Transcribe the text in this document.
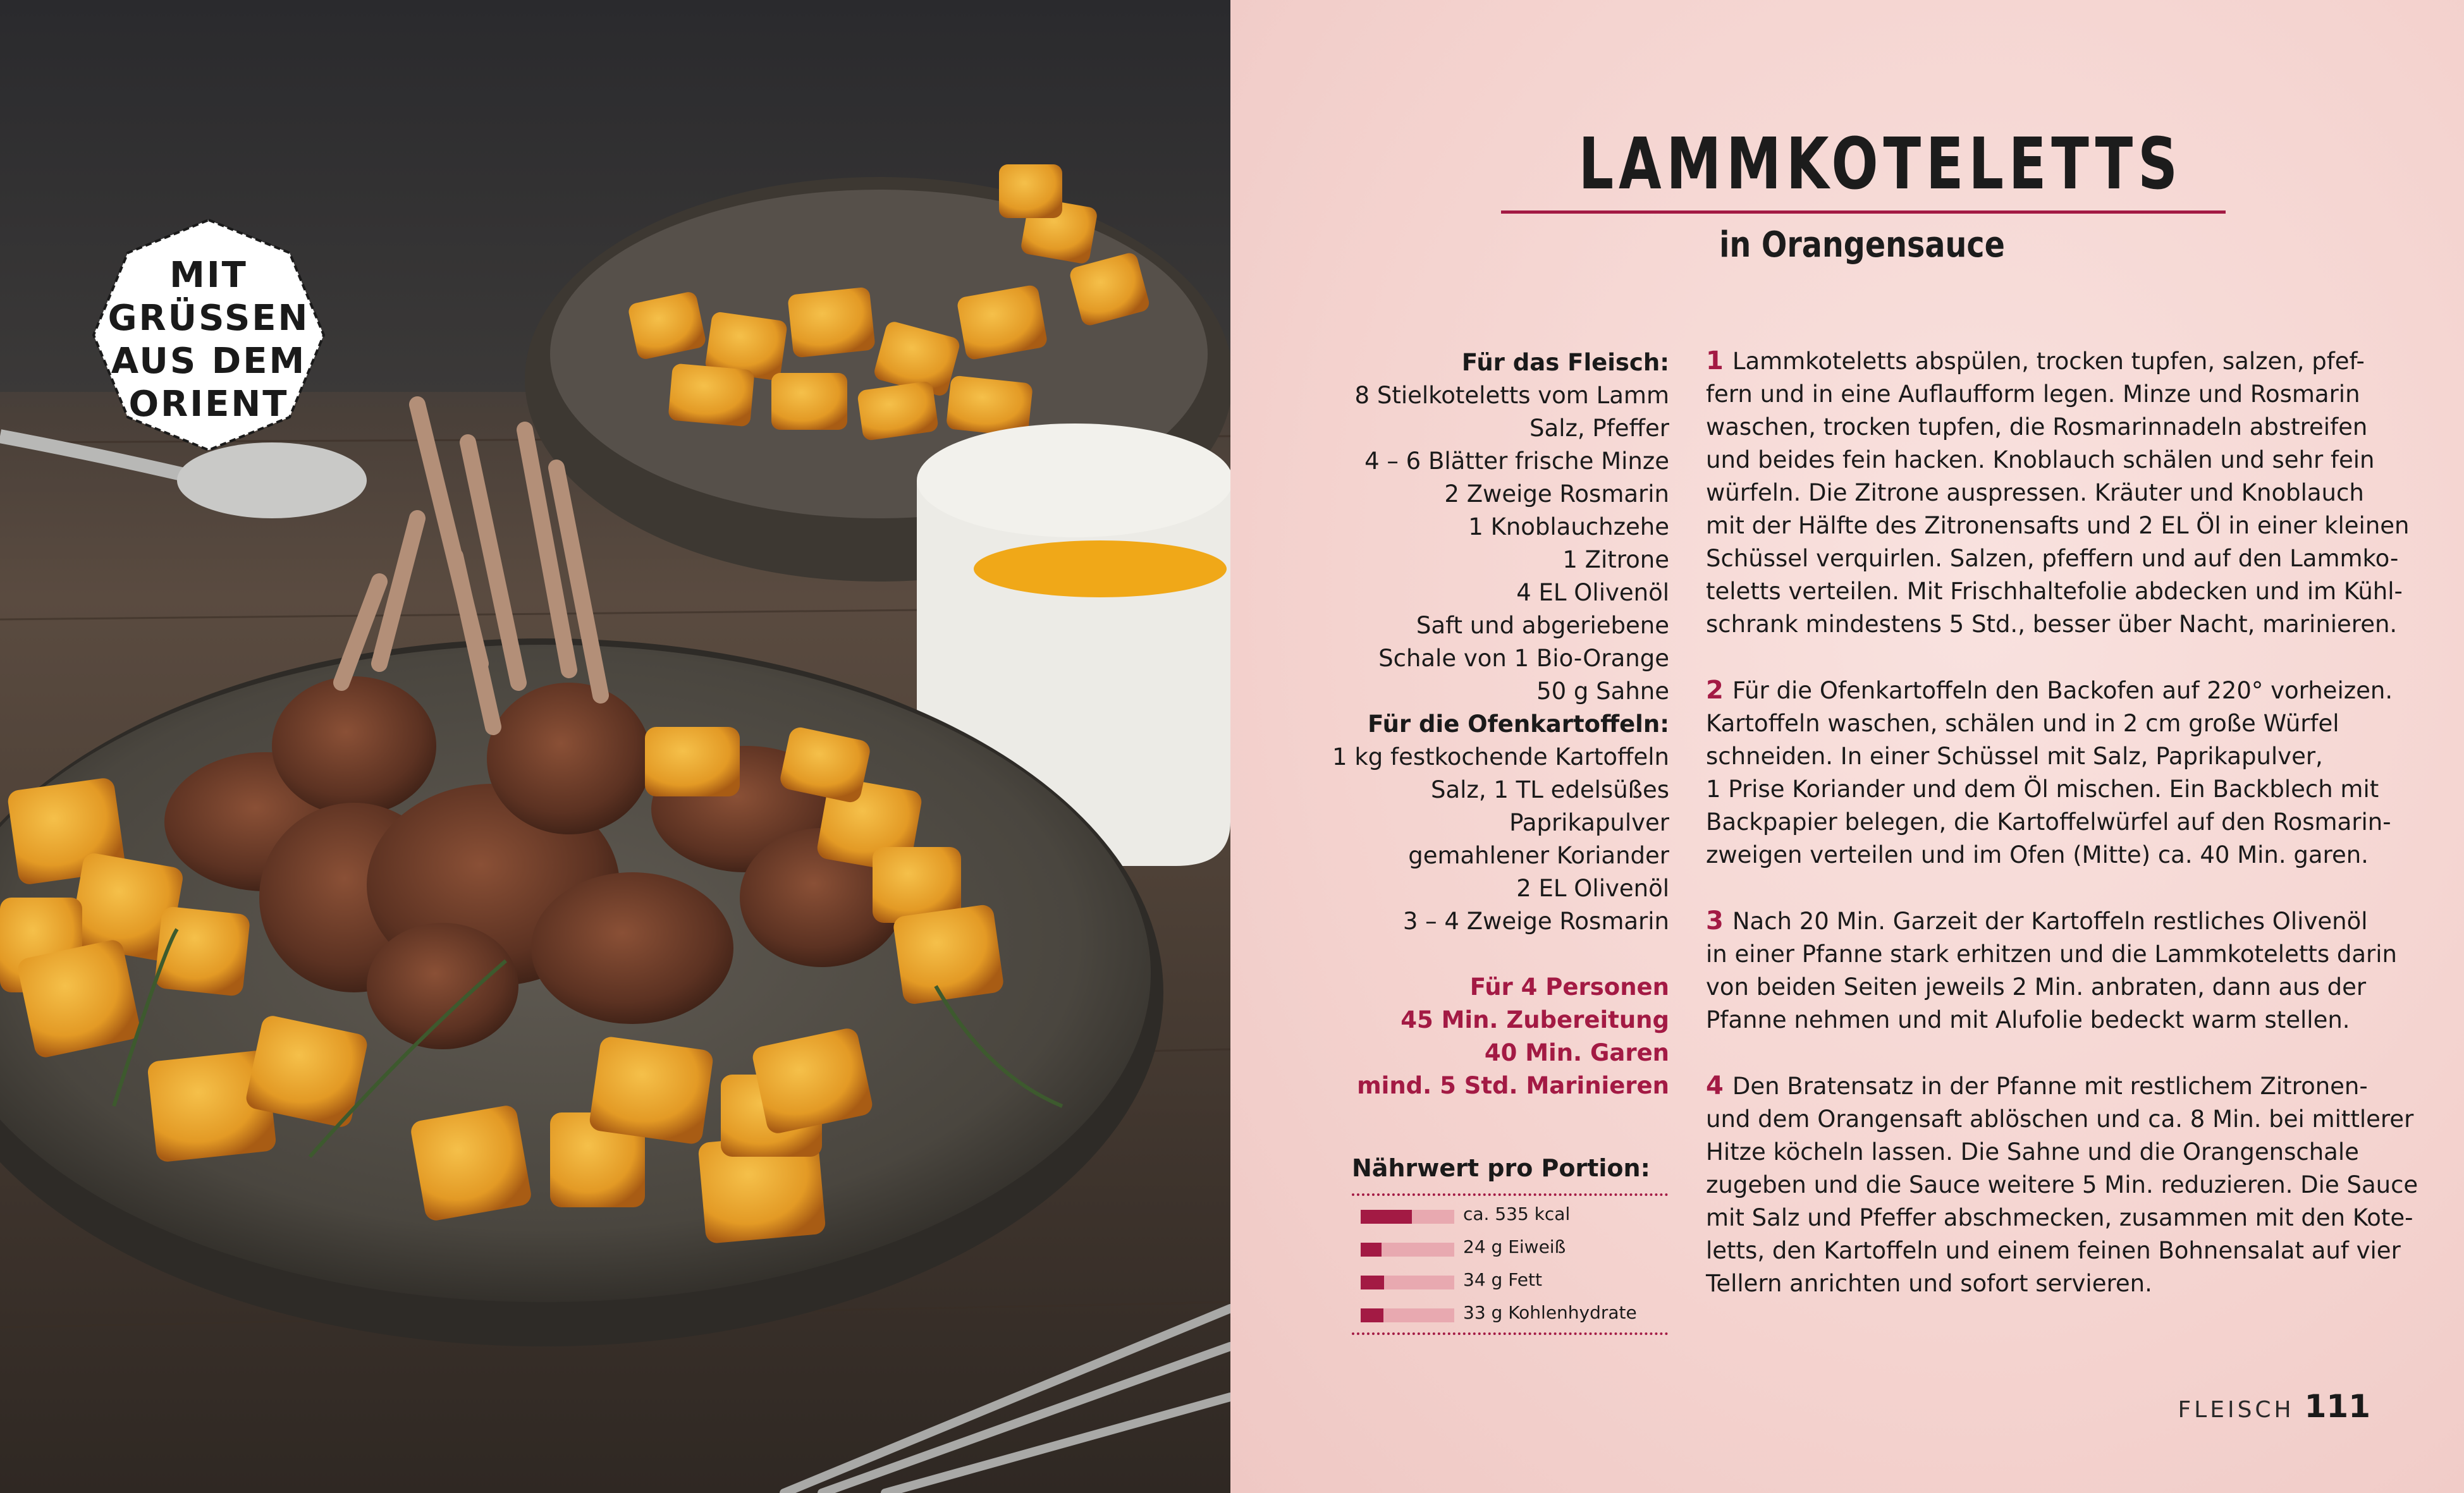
MIT
GRÜSSEN
AUS DEM
ORIENT
LAMMKOTELETTS
in Orangensauce
Für das Fleisch:
8 Stielkoteletts vom Lamm
Salz, Pfeffer
4 – 6 Blätter frische Minze
2 Zweige Rosmarin
1 Knoblauchzehe
1 Zitrone
4 EL Olivenöl
Saft und abgeriebene
Schale von 1 Bio-Orange
50 g Sahne
Für die Ofenkartoffeln:
1 kg festkochende Kartoffeln
Salz, 1 TL edelsüßes
Paprikapulver
gemahlener Koriander
2 EL Olivenöl
3 – 4 Zweige Rosmarin
Für 4 Personen
45 Min. Zubereitung
40 Min. Garen
mind. 5 Std. Marinieren
Nährwert pro Portion:
ca. 535 kcal
24 g Eiweiß
34 g Fett
33 g Kohlenhydrate
1 Lammkoteletts abspülen, trocken tupfen, salzen, pfef-
fern und in eine Auflaufform legen. Minze und Rosmarin
waschen, trocken tupfen, die Rosmarinnadeln abstreifen
und beides fein hacken. Knoblauch schälen und sehr fein
würfeln. Die Zitrone auspressen. Kräuter und Knoblauch
mit der Hälfte des Zitronensafts und 2 EL Öl in einer kleinen
Schüssel verquirlen. Salzen, pfeffern und auf den Lammko-
teletts verteilen. Mit Frischhaltefolie abdecken und im Kühl-
schrank mindestens 5 Std., besser über Nacht, marinieren.
2 Für die Ofenkartoffeln den Backofen auf 220° vorheizen.
Kartoffeln waschen, schälen und in 2 cm große Würfel
schneiden. In einer Schüssel mit Salz, Paprikapulver,
1 Prise Koriander und dem Öl mischen. Ein Backblech mit
Backpapier belegen, die Kartoffelwürfel auf den Rosmarin-
zweigen verteilen und im Ofen (Mitte) ca. 40 Min. garen.
3 Nach 20 Min. Garzeit der Kartoffeln restliches Olivenöl
in einer Pfanne stark erhitzen und die Lammkoteletts darin
von beiden Seiten jeweils 2 Min. anbraten, dann aus der
Pfanne nehmen und mit Alufolie bedeckt warm stellen.
4 Den Bratensatz in der Pfanne mit restlichem Zitronen-
und dem Orangensaft ablöschen und ca. 8 Min. bei mittlerer
Hitze köcheln lassen. Die Sahne und die Orangenschale
zugeben und die Sauce weitere 5 Min. reduzieren. Die Sauce
mit Salz und Pfeffer abschmecken, zusammen mit den Kote-
letts, den Kartoffeln und einem feinen Bohnensalat auf vier
Tellern anrichten und sofort servieren.
FLEISCH 111
